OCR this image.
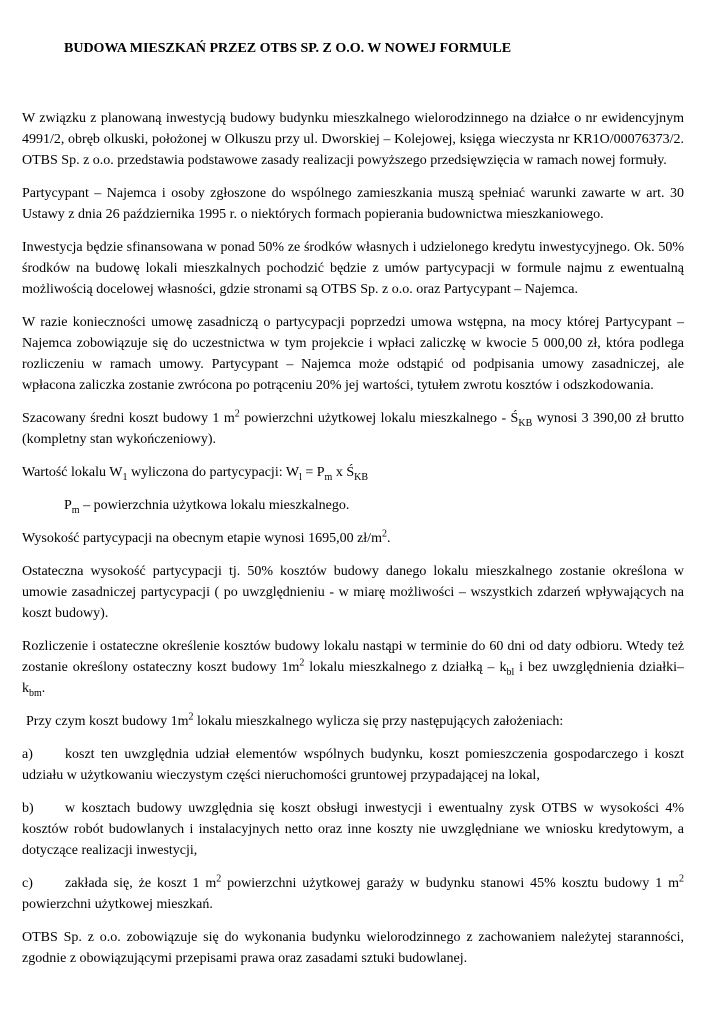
BUDOWA MIESZKAŃ PRZEZ OTBS SP. Z O.O. W NOWEJ FORMULE

W związku z planowaną inwestycją budowy budynku mieszkalnego wielorodzinnego na działce o nr ewidencyjnym 4991/2, obręb olkuski, położonej w Olkuszu przy ul. Dworskiej – Kolejowej, księga wieczysta nr KR1O/00076373/2. OTBS Sp. z o.o. przedstawia podstawowe zasady realizacji powyższego przedsięwzięcia w ramach nowej formuły.

Partycypant – Najemca i osoby zgłoszone do wspólnego zamieszkania muszą spełniać warunki zawarte w art. 30 Ustawy z dnia 26 października 1995 r. o niektórych formach popierania budownictwa mieszkaniowego.

Inwestycja będzie sfinansowana w ponad 50% ze środków własnych i udzielonego kredytu inwestycyjnego. Ok. 50% środków na budowę lokali mieszkalnych pochodzić będzie z umów partycypacji w formule najmu z ewentualną możliwością docelowej własności, gdzie stronami są OTBS Sp. z o.o. oraz Partycypant – Najemca.

W razie konieczności umowę zasadniczą o partycypacji poprzedzi umowa wstępna, na mocy której Partycypant – Najemca zobowiązuje się do uczestnictwa w tym projekcie i wpłaci zaliczkę w kwocie 5 000,00 zł, która podlega rozliczeniu w ramach umowy. Partycypant – Najemca może odstąpić od podpisania umowy zasadniczej, ale wpłacona zaliczka zostanie zwrócona po potrąceniu 20% jej wartości, tytułem zwrotu kosztów i odszkodowania.

Szacowany średni koszt budowy 1 $m^2$ powierzchni użytkowej lokalu mieszkalnego - $Ś_{KB}$ wynosi 3 390,00 zł brutto (kompletny stan wykończeniowy).

Wartość lokalu $W_1$ wyliczona do partycypacji: $W_l = P_m$ x $Ś_{KB}$

$P_m$ – powierzchnia użytkowa lokalu mieszkalnego.

Wysokość partycypacji na obecnym etapie wynosi 1695,00 $zł/m^2$.

Ostateczna wysokość partycypacji tj. 50% kosztów budowy danego lokalu mieszkalnego zostanie określona w umowie zasadniczej partycypacji ( po uwzględnieniu - w miarę możliwości – wszystkich zdarzeń wpływających na koszt budowy).

Rozliczenie i ostateczne określenie kosztów budowy lokalu nastąpi w terminie do 60 dni od daty odbioru. Wtedy też zostanie określony ostateczny koszt budowy $1m^2$ lokalu mieszkalnego z działką – $k_{bl}$ i bez uwzględnienia działki– $k_{bm}$.

Przy czym koszt budowy $1m^2$ lokalu mieszkalnego wylicza się przy następujących założeniach:

a) koszt ten uwzględnia udział elementów wspólnych budynku, koszt pomieszczenia gospodarczego i koszt udziału w użytkowaniu wieczystym części nieruchomości gruntowej przypadającej na lokal,

b) w kosztach budowy uwzględnia się koszt obsługi inwestycji i ewentualny zysk OTBS w wysokości 4% kosztów robót budowlanych i instalacyjnych netto oraz inne koszty nie uwzględniane we wniosku kredytowym, a dotyczące realizacji inwestycji,

c) zakłada się, że koszt 1 $m^2$ powierzchni użytkowej garaży w budynku stanowi 45% kosztu budowy 1 $m^2$ powierzchni użytkowej mieszkań.

OTBS Sp. z o.o. zobowiązuje się do wykonania budynku wielorodzinnego z zachowaniem należytej staranności, zgodnie z obowiązującymi przepisami prawa oraz zasadami sztuki budowlanej.
